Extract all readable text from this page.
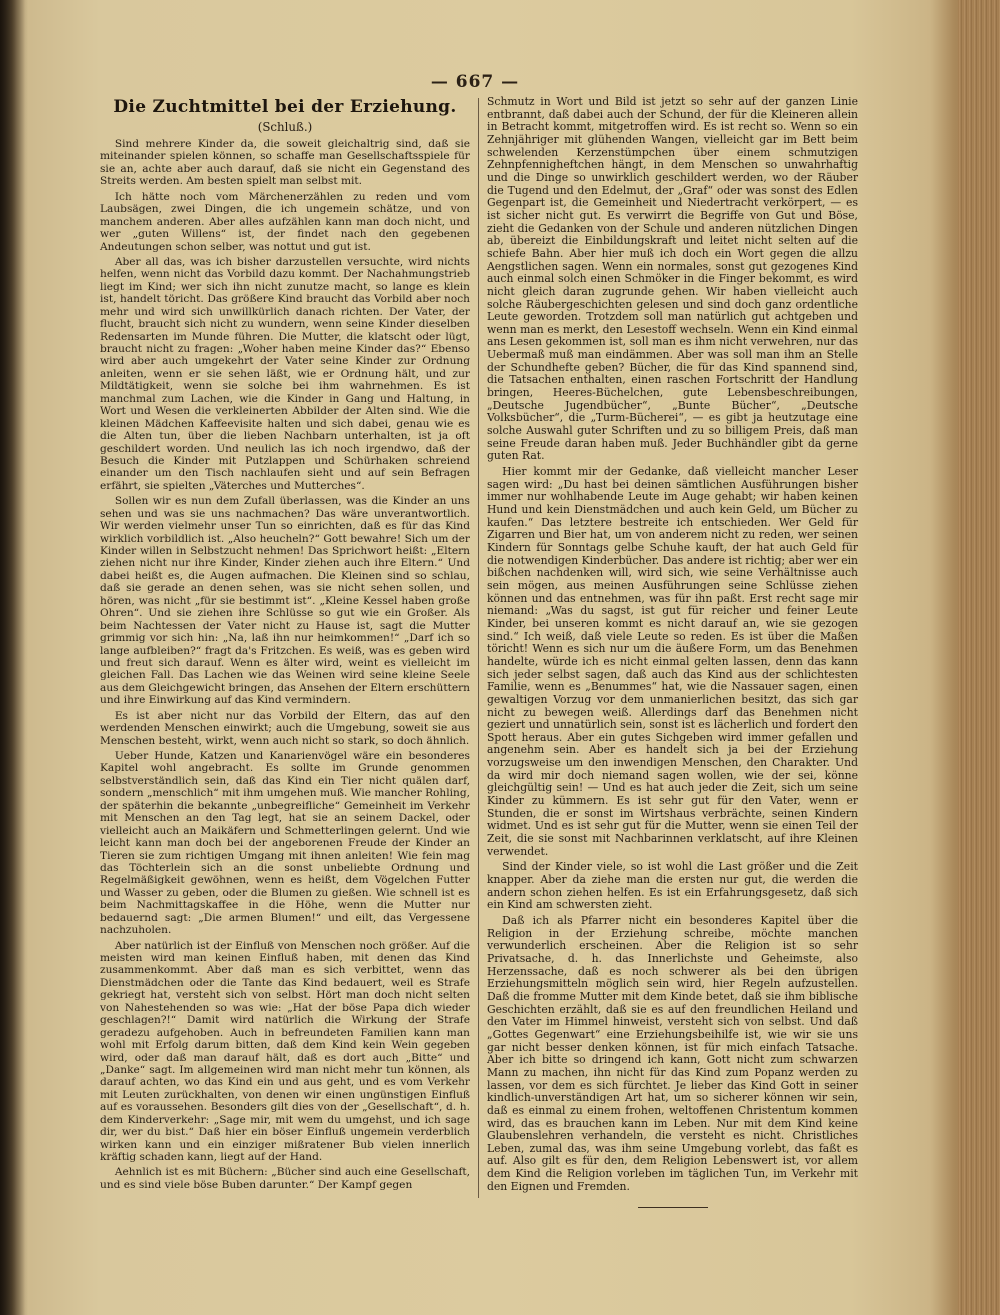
— 667 —
Die Zuchtmittel bei der Erziehung.
(Schluß.)

Sind mehrere Kinder da, die soweit gleichaltrig sind, daß sie miteinander spielen können, so schaffe man Gesellschaftsspiele für sie an, achte aber auch darauf, daß sie nicht ein Gegenstand des Streits werden. Am besten spielt man selbst mit.

Ich hätte noch vom Märchenerzählen zu reden und vom Laubsägen, zwei Dingen, die ich ungemein schätze, und von manchem anderen. Aber alles aufzählen kann man doch nicht, und wer „guten Willens“ ist, der findet nach den gegebenen Andeutungen schon selber, was nottut und gut ist.

Aber all das, was ich bisher darzustellen versuchte, wird nichts helfen, wenn nicht das Vorbild dazu kommt. Der Nachahmungstrieb liegt im Kind; wer sich ihn nicht zunutze macht, so lange es klein ist, handelt töricht. Das größere Kind braucht das Vorbild aber noch mehr und wird sich unwillkürlich danach richten. Der Vater, der flucht, braucht sich nicht zu wundern, wenn seine Kinder dieselben Redensarten im Munde führen. Die Mutter, die klatscht oder lügt, braucht nicht zu fragen: „Woher haben meine Kinder das?“ Ebenso wird aber auch umgekehrt der Vater seine Kinder zur Ordnung anleiten, wenn er sie sehen läßt, wie er Ordnung hält, und zur Mildtätigkeit, wenn sie solche bei ihm wahrnehmen. Es ist manchmal zum Lachen, wie die Kinder in Gang und Haltung, in Wort und Wesen die verkleinerten Abbilder der Alten sind. Wie die kleinen Mädchen Kaffeevisite halten und sich dabei, genau wie es die Alten tun, über die lieben Nachbarn unterhalten, ist ja oft geschildert worden. Und neulich las ich noch irgendwo, daß der Besuch die Kinder mit Putzlappen und Schürhaken schreiend einander um den Tisch nachlaufen sieht und auf sein Befragen erfährt, sie spielten „Väterches und Mutterches“.

Sollen wir es nun dem Zufall überlassen, was die Kinder an uns sehen und was sie uns nachmachen? Das wäre unverantwortlich. Wir werden vielmehr unser Tun so einrichten, daß es für das Kind wirklich vorbildlich ist. „Also heucheln?“ Gott bewahre! Sich um der Kinder willen in Selbstzucht nehmen! Das Sprichwort heißt: „Eltern ziehen nicht nur ihre Kinder, Kinder ziehen auch ihre Eltern.“ Und dabei heißt es, die Augen aufmachen. Die Kleinen sind so schlau, daß sie gerade an denen sehen, was sie nicht sehen sollen, und hören, was nicht „für sie bestimmt ist“. „Kleine Kessel haben große Ohren“. Und sie ziehen ihre Schlüsse so gut wie ein Großer. Als beim Nachtessen der Vater nicht zu Hause ist, sagt die Mutter grimmig vor sich hin: „Na, laß ihn nur heimkommen!“ „Darf ich so lange aufbleiben?“ fragt da's Fritzchen. Es weiß, was es geben wird und freut sich darauf. Wenn es älter wird, weint es vielleicht im gleichen Fall. Das Lachen wie das Weinen wird seine kleine Seele aus dem Gleichgewicht bringen, das Ansehen der Eltern erschüttern und ihre Einwirkung auf das Kind vermindern.

Es ist aber nicht nur das Vorbild der Eltern, das auf den werdenden Menschen einwirkt; auch die Umgebung, soweit sie aus Menschen besteht, wirkt, wenn auch nicht so stark, so doch ähnlich.

Ueber Hunde, Katzen und Kanarienvögel wäre ein besonderes Kapitel wohl angebracht. Es sollte im Grunde genommen selbstverständlich sein, daß das Kind ein Tier nicht quälen darf, sondern „menschlich“ mit ihm umgehen muß. Wie mancher Rohling, der späterhin die bekannte „unbegreifliche“ Gemeinheit im Verkehr mit Menschen an den Tag legt, hat sie an seinem Dackel, oder vielleicht auch an Maikäfern und Schmetterlingen gelernt. Und wie leicht kann man doch bei der angeborenen Freude der Kinder an Tieren sie zum richtigen Umgang mit ihnen anleiten! Wie fein mag das Töchterlein sich an die sonst unbeliebte Ordnung und Regelmäßigkeit gewöhnen, wenn es heißt, dem Vögelchen Futter und Wasser zu geben, oder die Blumen zu gießen. Wie schnell ist es beim Nachmittagskaffee in die Höhe, wenn die Mutter nur bedauernd sagt: „Die armen Blumen!“ und eilt, das Vergessene nachzuholen.

Aber natürlich ist der Einfluß von Menschen noch größer. Auf die meisten wird man keinen Einfluß haben, mit denen das Kind zusammenkommt. Aber daß man es sich verbittet, wenn das Dienstmädchen oder die Tante das Kind bedauert, weil es Strafe gekriegt hat, versteht sich von selbst. Hört man doch nicht selten von Nahestehenden so was wie: „Hat der böse Papa dich wieder geschlagen?!“ Damit wird natürlich die Wirkung der Strafe geradezu aufgehoben. Auch in befreundeten Familien kann man wohl mit Erfolg darum bitten, daß dem Kind kein Wein gegeben wird, oder daß man darauf hält, daß es dort auch „Bitte“ und „Danke“ sagt. Im allgemeinen wird man nicht mehr tun können, als darauf achten, wo das Kind ein und aus geht, und es vom Verkehr mit Leuten zurückhalten, von denen wir einen ungünstigen Einfluß auf es voraussehen. Besonders gilt dies von der „Gesellschaft“, d. h. dem Kinderverkehr: „Sage mir, mit wem du umgehst, und ich sage dir, wer du bist.“ Daß hier ein böser Einfluß ungemein verderblich wirken kann und ein einziger mißratener Bub vielen innerlich kräftig schaden kann, liegt auf der Hand.

Aehnlich ist es mit Büchern: „Bücher sind auch eine Gesellschaft, und es sind viele böse Buben darunter.“ Der Kampf gegen

Schmutz in Wort und Bild ist jetzt so sehr auf der ganzen Linie entbrannt, daß dabei auch der Schund, der für die Kleineren allein in Betracht kommt, mitgetroffen wird. Es ist recht so. Wenn so ein Zehnjähriger mit glühenden Wangen, vielleicht gar im Bett beim schwelenden Kerzenstümpchen über einem schmutzigen Zehnpfennigheftchen hängt, in dem Menschen so unwahrhaftig und die Dinge so unwirklich geschildert werden, wo der Räuber die Tugend und den Edelmut, der „Graf“ oder was sonst des Edlen Gegenpart ist, die Gemeinheit und Niedertracht verkörpert, — es ist sicher nicht gut. Es verwirrt die Begriffe von Gut und Böse, zieht die Gedanken von der Schule und anderen nützlichen Dingen ab, übereizt die Einbildungskraft und leitet nicht selten auf die schiefe Bahn. Aber hier muß ich doch ein Wort gegen die allzu Aengstlichen sagen. Wenn ein normales, sonst gut gezogenes Kind auch einmal solch einen Schmöker in die Finger bekommt, es wird nicht gleich daran zugrunde gehen. Wir haben vielleicht auch solche Räubergeschichten gelesen und sind doch ganz ordentliche Leute geworden. Trotzdem soll man natürlich gut achtgeben und wenn man es merkt, den Lesestoff wechseln. Wenn ein Kind einmal ans Lesen gekommen ist, soll man es ihm nicht verwehren, nur das Uebermaß muß man eindämmen. Aber was soll man ihm an Stelle der Schundhefte geben? Bücher, die für das Kind spannend sind, die Tatsachen enthalten, einen raschen Fortschritt der Handlung bringen, Heeres-Büchelchen, gute Lebensbeschreibungen, „Deutsche Jugendbücher“, „Bunte Bücher“, „Deutsche Volksbücher“, die „Turm-Bücherei“, — es gibt ja heutzutage eine solche Auswahl guter Schriften und zu so billigem Preis, daß man seine Freude daran haben muß. Jeder Buchhändler gibt da gerne guten Rat.

Hier kommt mir der Gedanke, daß vielleicht mancher Leser sagen wird: „Du hast bei deinen sämtlichen Ausführungen bisher immer nur wohlhabende Leute im Auge gehabt; wir haben keinen Hund und kein Dienstmädchen und auch kein Geld, um Bücher zu kaufen.“ Das letztere bestreite ich entschieden. Wer Geld für Zigarren und Bier hat, um von anderem nicht zu reden, wer seinen Kindern für Sonntags gelbe Schuhe kauft, der hat auch Geld für die notwendigen Kinderbücher. Das andere ist richtig; aber wer ein bißchen nachdenken will, wird sich, wie seine Verhältnisse auch sein mögen, aus meinen Ausführungen seine Schlüsse ziehen können und das entnehmen, was für ihn paßt. Erst recht sage mir niemand: „Was du sagst, ist gut für reicher und feiner Leute Kinder, bei unseren kommt es nicht darauf an, wie sie gezogen sind.“ Ich weiß, daß viele Leute so reden. Es ist über die Maßen töricht! Wenn es sich nur um die äußere Form, um das Benehmen handelte, würde ich es nicht einmal gelten lassen, denn das kann sich jeder selbst sagen, daß auch das Kind aus der schlichtesten Familie, wenn es „Benummes“ hat, wie die Nassauer sagen, einen gewaltigen Vorzug vor dem unmanierlichen besitzt, das sich gar nicht zu bewegen weiß. Allerdings darf das Benehmen nicht geziert und unnatürlich sein, sonst ist es lächerlich und fordert den Spott heraus. Aber ein gutes Sichgeben wird immer gefallen und angenehm sein. Aber es handelt sich ja bei der Erziehung vorzugsweise um den inwendigen Menschen, den Charakter. Und da wird mir doch niemand sagen wollen, wie der sei, könne gleichgültig sein! — Und es hat auch jeder die Zeit, sich um seine Kinder zu kümmern. Es ist sehr gut für den Vater, wenn er Stunden, die er sonst im Wirtshaus verbrächte, seinen Kindern widmet. Und es ist sehr gut für die Mutter, wenn sie einen Teil der Zeit, die sie sonst mit Nachbarinnen verklatscht, auf ihre Kleinen verwendet.

Sind der Kinder viele, so ist wohl die Last größer und die Zeit knapper. Aber da ziehe man die ersten nur gut, die werden die andern schon ziehen helfen. Es ist ein Erfahrungsgesetz, daß sich ein Kind am schwersten zieht.

Daß ich als Pfarrer nicht ein besonderes Kapitel über die Religion in der Erziehung schreibe, möchte manchen verwunderlich erscheinen. Aber die Religion ist so sehr Privatsache, d. h. das Innerlichste und Geheimste, also Herzenssache, daß es noch schwerer als bei den übrigen Erziehungsmitteln möglich sein wird, hier Regeln aufzustellen. Daß die fromme Mutter mit dem Kinde betet, daß sie ihm biblische Geschichten erzählt, daß sie es auf den freundlichen Heiland und den Vater im Himmel hinweist, versteht sich von selbst. Und daß „Gottes Gegenwart“ eine Erziehungsbeihilfe ist, wie wir sie uns gar nicht besser denken können, ist für mich einfach Tatsache. Aber ich bitte so dringend ich kann, Gott nicht zum schwarzen Mann zu machen, ihn nicht für das Kind zum Popanz werden zu lassen, vor dem es sich fürchtet. Je lieber das Kind Gott in seiner kindlich-unverständigen Art hat, um so sicherer können wir sein, daß es einmal zu einem frohen, weltoffenen Christentum kommen wird, das es brauchen kann im Leben. Nur mit dem Kind keine Glaubenslehren verhandeln, die versteht es nicht. Christliches Leben, zumal das, was ihm seine Umgebung vorlebt, das faßt es auf. Also gilt es für den, dem Religion Lebenswert ist, vor allem dem Kind die Religion vorleben im täglichen Tun, im Verkehr mit den Eignen und Fremden.
